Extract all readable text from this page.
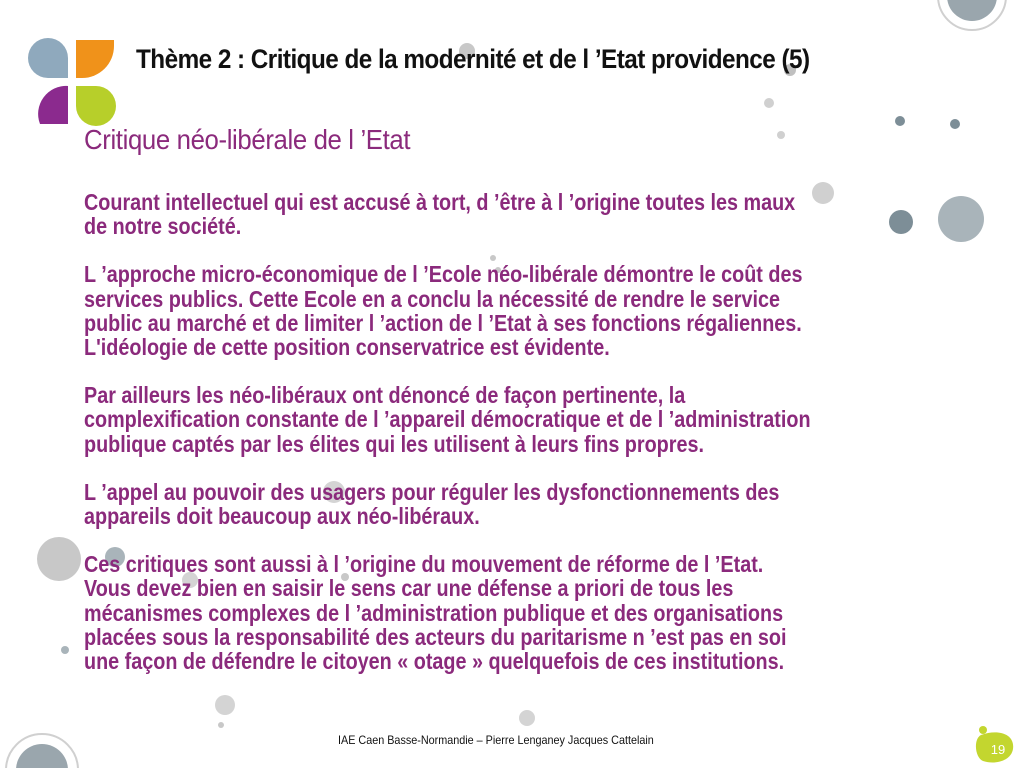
Thème 2 : Critique de la modernité et de l ’Etat providence (5)
Critique néo-libérale de l ’Etat

Courant intellectuel qui est accusé à tort, d ’être à l ’origine toutes les maux
de notre société.

L ’approche micro-économique de l ’Ecole néo-libérale démontre le coût des
services publics. Cette Ecole en a conclu la nécessité de rendre le service
public au marché et de limiter l ’action de l ’Etat à ses fonctions régaliennes.
L'idéologie de cette position conservatrice est évidente.

Par ailleurs les néo-libéraux ont dénoncé de façon pertinente, la
complexification constante de l ’appareil démocratique et de l ’administration
publique captés par les élites qui les utilisent à leurs fins propres.

L ’appel au pouvoir des usagers pour réguler les dysfonctionnements des
appareils doit beaucoup aux néo-libéraux.

Ces critiques sont aussi à l ’origine du mouvement de réforme de l ’Etat.
Vous devez bien en saisir le sens car une défense a priori de tous les
mécanismes complexes de l ’administration publique et des organisations
placées sous la responsabilité des acteurs du paritarisme n ’est pas en soi
une façon de défendre le citoyen « otage » quelquefois de ces institutions.

IAE Caen Basse-Normandie – Pierre Lenganey Jacques Cattelain
19
